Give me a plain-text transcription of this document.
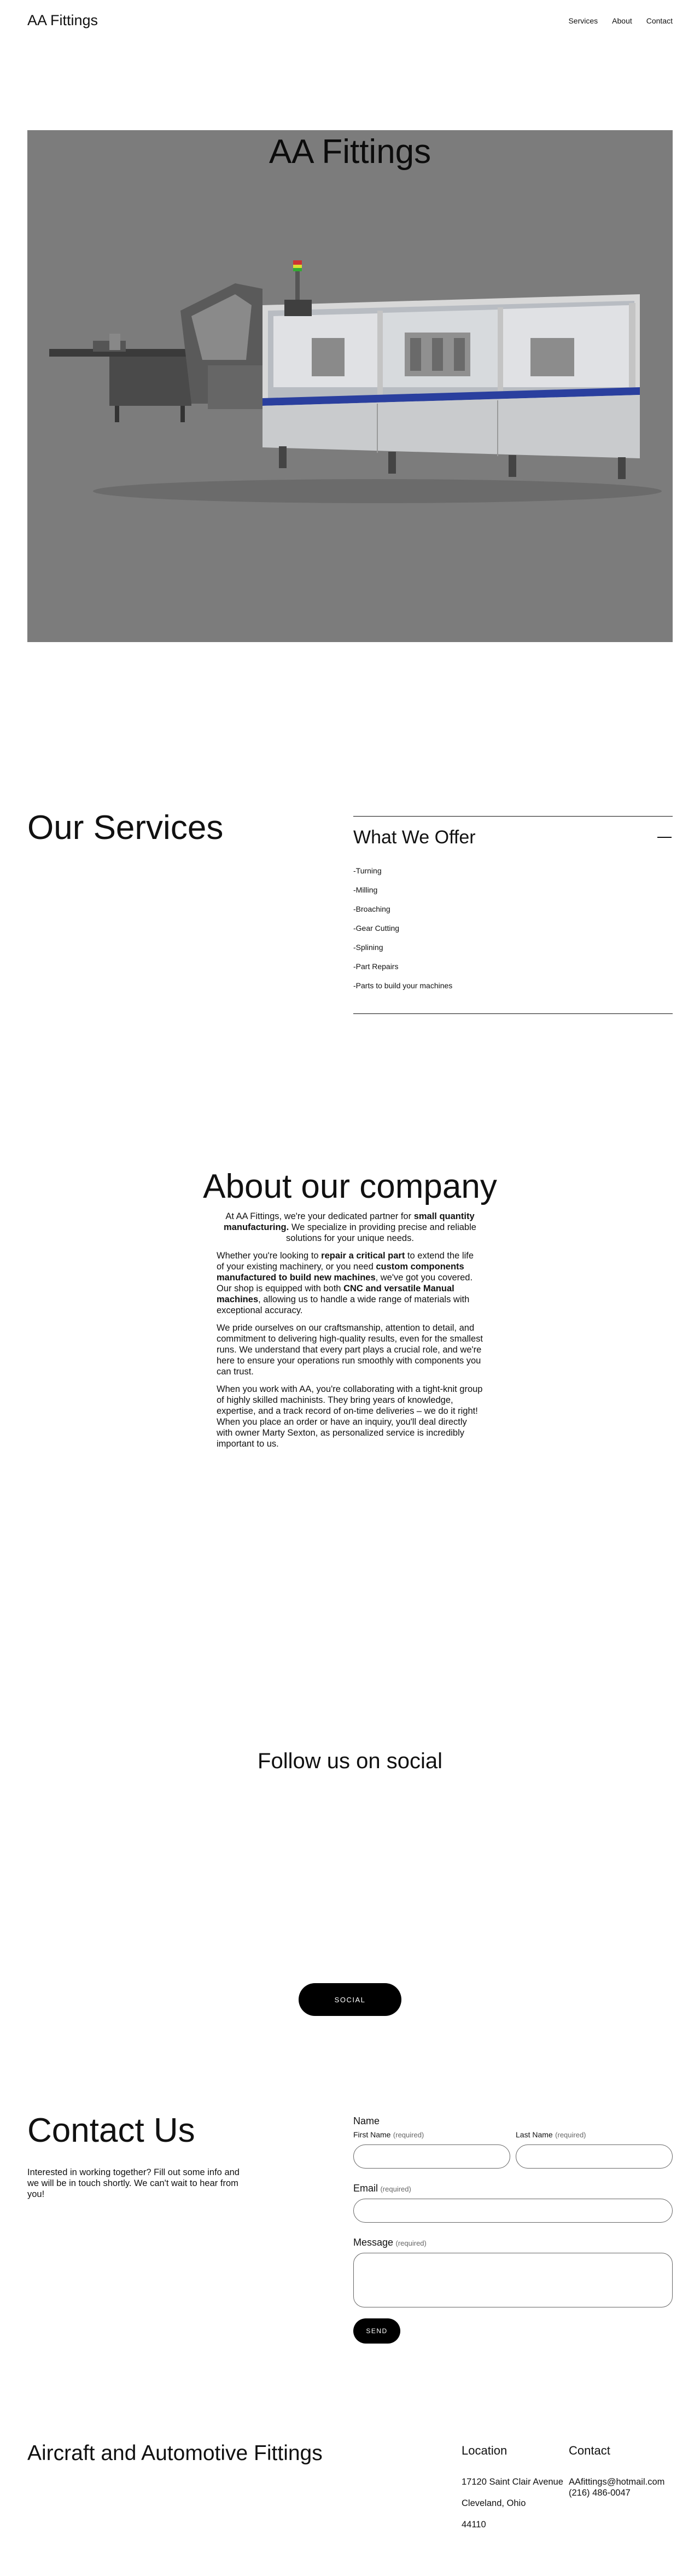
AA Fittings	Services About Contact
AA Fittings
Our Services	What We Offer
-Turning
-Milling
-Broaching
-Gear Cutting
-Splining
-Part Repairs
-Parts to build your machines
About our company

At AA Fittings, we're your dedicated partner for small quantity manufacturing. We specialize in providing precise and reliable solutions for your unique needs.

Whether you're looking to repair a critical part to extend the life of your existing machinery, or you need custom components manufactured to build new machines, we've got you covered. Our shop is equipped with both CNC and versatile Manual machines, allowing us to handle a wide range of materials with exceptional accuracy.

We pride ourselves on our craftsmanship, attention to detail, and commitment to delivering high-quality results, even for the smallest runs. We understand that every part plays a crucial role, and we're here to ensure your operations run smoothly with components you can trust.

When you work with AA, you're collaborating with a tight-knit group of highly skilled machinists. They bring years of knowledge, expertise, and a track record of on-time deliveries – we do it right! When you place an order or have an inquiry, you'll deal directly with owner Marty Sexton, as personalized service is incredibly important to us.

Follow us on social
SOCIAL
Contact Us

Interested in working together? Fill out some info and we will be in touch shortly. We can't wait to hear from you!

Name
First Name (required)	Last Name (required)
Email (required)
Message (required)
SEND
Aircraft and Automotive Fittings	Location
17120 Saint Clair Avenue
Cleveland, Ohio
44110
Contact
AAfittings@hotmail.com
(216) 486-0047
